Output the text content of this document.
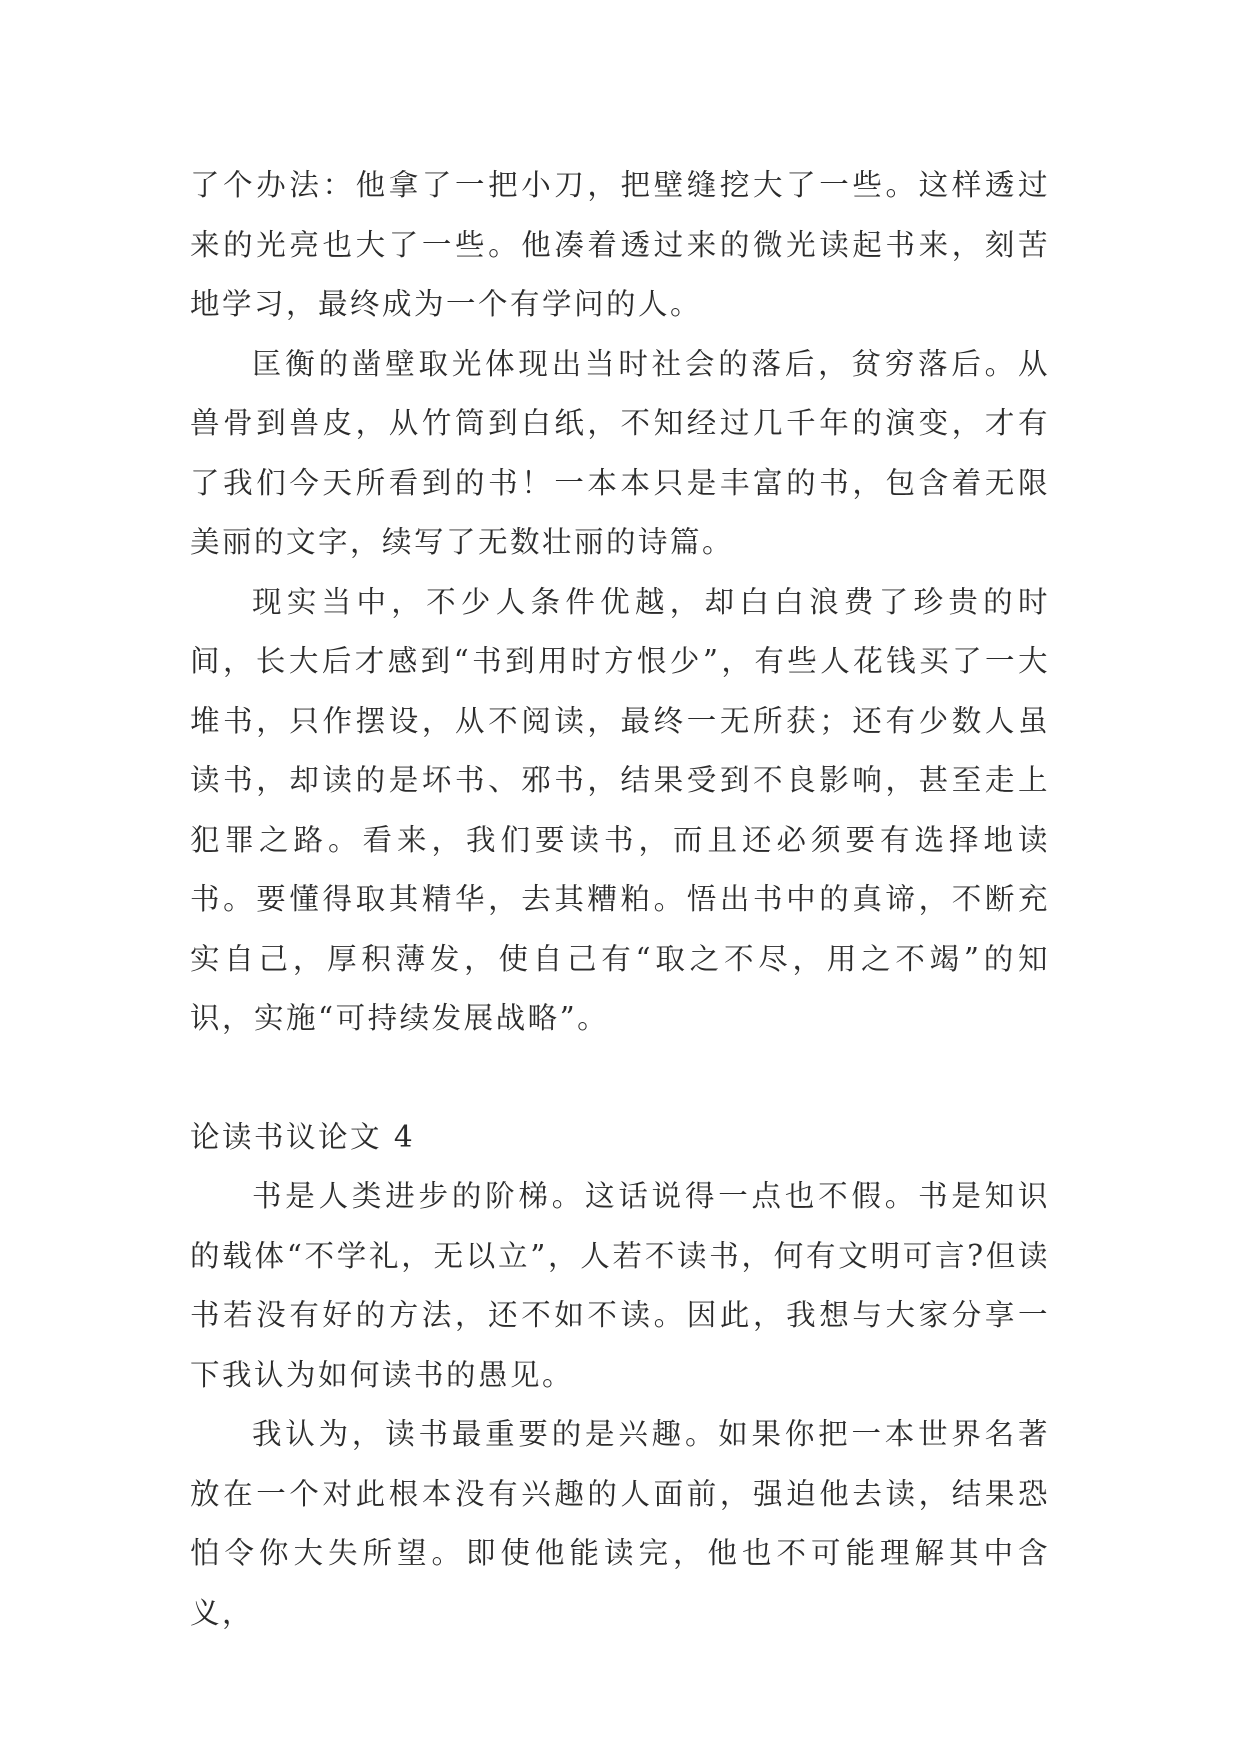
了个办法：他拿了一把小刀，把壁缝挖大了一些。这样透过来的光亮也大了一些。他凑着透过来的微光读起书来，刻苦地学习，最终成为一个有学问的人。

匡衡的凿壁取光体现出当时社会的落后，贫穷落后。从兽骨到兽皮，从竹筒到白纸，不知经过几千年的演变，才有了我们今天所看到的书！一本本只是丰富的书，包含着无限美丽的文字，续写了无数壮丽的诗篇。

现实当中，不少人条件优越，却白白浪费了珍贵的时间，长大后才感到“书到用时方恨少”，有些人花钱买了一大堆书，只作摆设，从不阅读，最终一无所获；还有少数人虽读书，却读的是坏书、邪书，结果受到不良影响，甚至走上犯罪之路。看来，我们要读书，而且还必须要有选择地读书。要懂得取其精华，去其糟粕。悟出书中的真谛，不断充实自己，厚积薄发，使自己有“取之不尽，用之不竭”的知识，实施“可持续发展战略”。

论读书议论文 4

书是人类进步的阶梯。这话说得一点也不假。书是知识的载体“不学礼，无以立”，人若不读书，何有文明可言?但读书若没有好的方法，还不如不读。因此，我想与大家分享一下我认为如何读书的愚见。

我认为，读书最重要的是兴趣。如果你把一本世界名著放在一个对此根本没有兴趣的人面前，强迫他去读，结果恐怕令你大失所望。即使他能读完，他也不可能理解其中含义，
